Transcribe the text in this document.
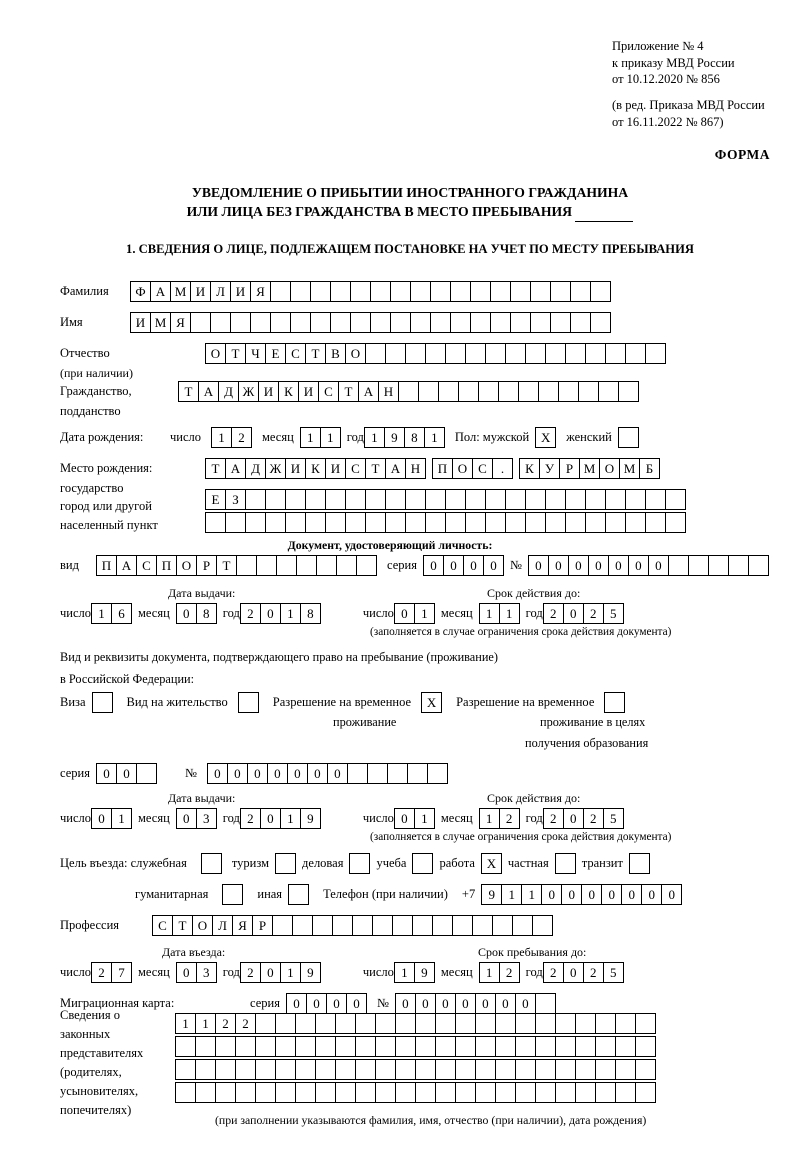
Приложение № 4
к приказу МВД России
от 10.12.2020 № 856
(в ред. Приказа МВД России
от 16.11.2022 № 867)
ФОРМА
УВЕДОМЛЕНИЕ О ПРИБЫТИИ ИНОСТРАННОГО ГРАЖДАНИНА
ИЛИ ЛИЦА БЕЗ ГРАЖДАНСТВА В МЕСТО ПРЕБЫВАНИЯ
1. СВЕДЕНИЯ О ЛИЦЕ, ПОДЛЕЖАЩЕМ ПОСТАНОВКЕ НА УЧЕТ ПО МЕСТУ ПРЕБЫВАНИЯ
Фамилия	Ф А М И Л И Я
Имя	И М Я
Отчество	О Т Ч Е С Т В О
(при наличии)
Гражданство,	Т А Д Ж И К И С Т А Н
подданство
Дата рождения:	число	1	2	месяц	1	1	год 1	9	8	1	Пол: мужской X	женский
Место рождения:	Т А Д Ж И К И С Т А Н	П О С	.	К У Р М О М Б
государство
Е З
город или другой
населенный пункт
Документ, удостоверяющий личность:
вид	П А С П О Р Т	серия	0	0	0	0	№	0	0	0	0	0	0	0
Дата выдачи:	Срок действия до:
число 1	6	месяц	0	8	год 2	0	1	8	число 0	1	месяц	1	1	год 2	0	2	5
(заполняется в случае ограничения срока действия документа)
Вид и реквизиты документа, подтверждающего право на пребывание (проживание)
в Российской Федерации:
Виза	Вид на жительство	Разрешение на временное	X	Разрешение на временное
проживание	проживание в целях
получения образования
серия	0	0	№	0	0	0	0	0	0	0
Дата выдачи:	Срок действия до:
число 0	1	месяц	0	3	год 2	0	1	9	число 0	1	месяц	1	2	год 2	0	2	5
(заполняется в случае ограничения срока действия документа)
Цель въезда: служебная	туризм	деловая	учеба	работа X частная	транзит
гуманитарная	иная	Телефон (при наличии) +7	9	1	1	0	0	0	0	0	0	0
Профессия	С Т О Л Я Р
Дата въезда:	Срок пребывания до:
число 2	7	месяц	0	3	год 2	0	1	9	число 1	9	месяц	1	2	год 2	0	2	5
Миграционная карта:	серия	0	0	0	0	№	0	0	0	0	0	0	0
Сведения о
законных
представителях
(родителях,
усыновителях,
попечителях)
1	1	2	2
(при заполнении указываются фамилия, имя, отчество (при наличии), дата рождения)
